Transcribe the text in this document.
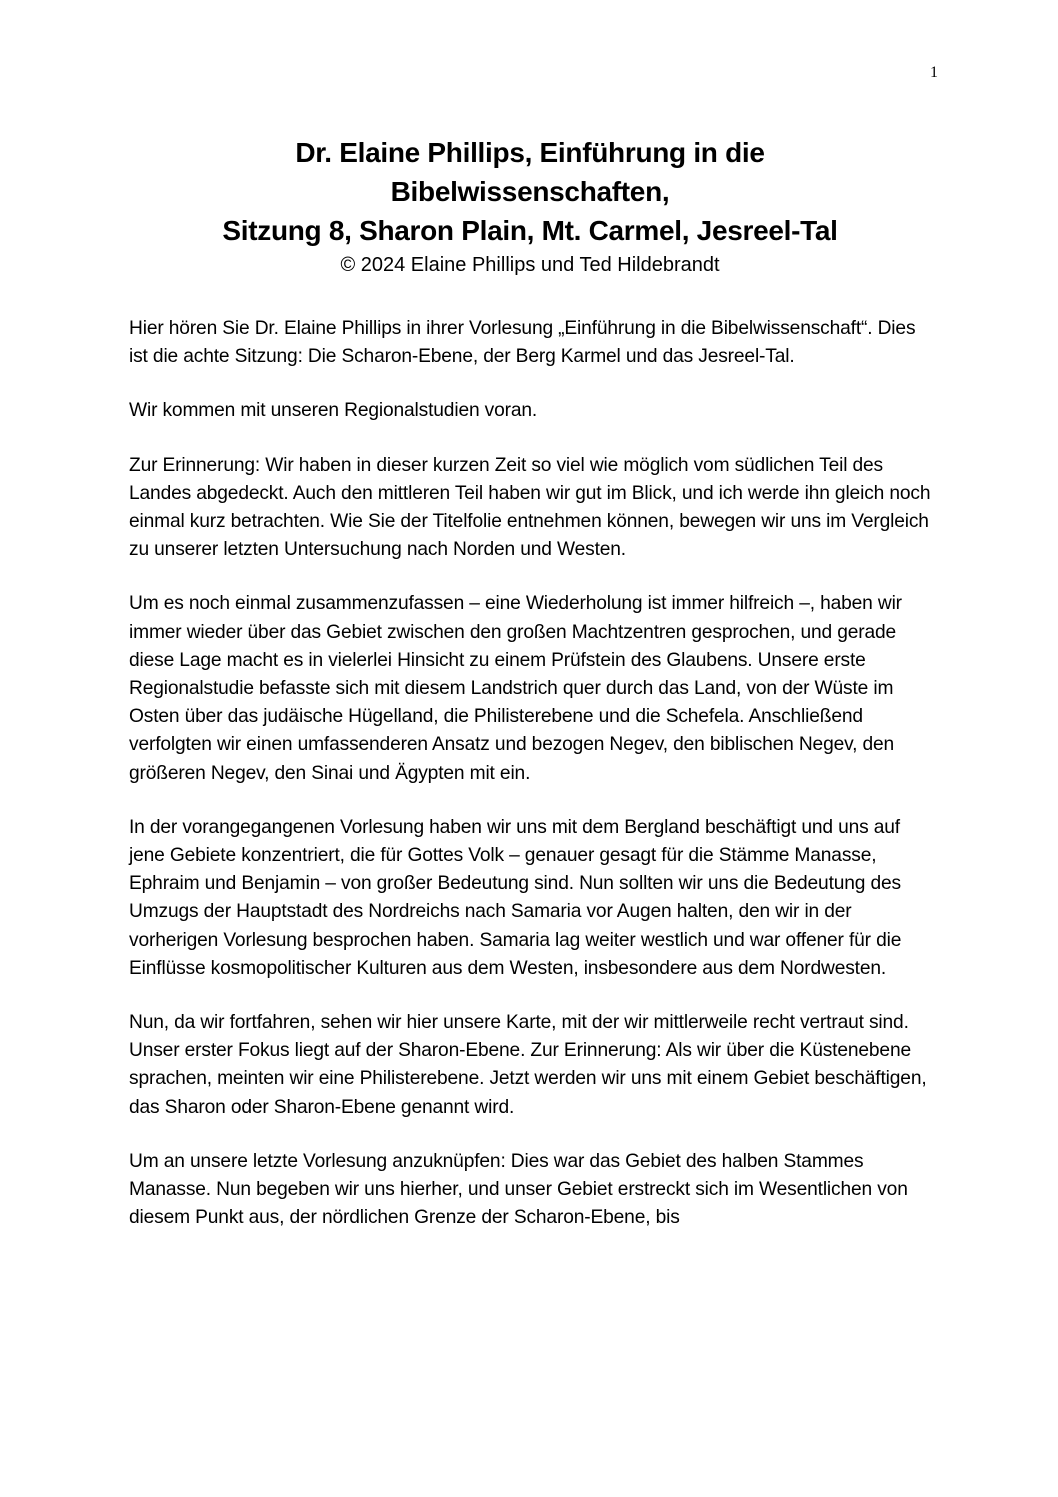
1
Dr. Elaine Phillips, Einführung in die
Bibelwissenschaften,
Sitzung 8, Sharon Plain, Mt. Carmel, Jesreel-Tal
© 2024 Elaine Phillips und Ted Hildebrandt

Hier hören Sie Dr. Elaine Phillips in ihrer Vorlesung „Einführung in die Bibelwissenschaft“. Dies ist die achte Sitzung: Die Scharon-Ebene, der Berg Karmel und das Jesreel-Tal.

Wir kommen mit unseren Regionalstudien voran.

Zur Erinnerung: Wir haben in dieser kurzen Zeit so viel wie möglich vom südlichen Teil des Landes abgedeckt. Auch den mittleren Teil haben wir gut im Blick, und ich werde ihn gleich noch einmal kurz betrachten. Wie Sie der Titelfolie entnehmen können, bewegen wir uns im Vergleich zu unserer letzten Untersuchung nach Norden und Westen.

Um es noch einmal zusammenzufassen – eine Wiederholung ist immer hilfreich –, haben wir immer wieder über das Gebiet zwischen den großen Machtzentren gesprochen, und gerade diese Lage macht es in vielerlei Hinsicht zu einem Prüfstein des Glaubens. Unsere erste Regionalstudie befasste sich mit diesem Landstrich quer durch das Land, von der Wüste im Osten über das judäische Hügelland, die Philisterebene und die Schefela. Anschließend verfolgten wir einen umfassenderen Ansatz und bezogen Negev, den biblischen Negev, den größeren Negev, den Sinai und Ägypten mit ein.

In der vorangegangenen Vorlesung haben wir uns mit dem Bergland beschäftigt und uns auf jene Gebiete konzentriert, die für Gottes Volk – genauer gesagt für die Stämme Manasse, Ephraim und Benjamin – von großer Bedeutung sind. Nun sollten wir uns die Bedeutung des Umzugs der Hauptstadt des Nordreichs nach Samaria vor Augen halten, den wir in der vorherigen Vorlesung besprochen haben. Samaria lag weiter westlich und war offener für die Einflüsse kosmopolitischer Kulturen aus dem Westen, insbesondere aus dem Nordwesten.

Nun, da wir fortfahren, sehen wir hier unsere Karte, mit der wir mittlerweile recht vertraut sind. Unser erster Fokus liegt auf der Sharon-Ebene. Zur Erinnerung: Als wir über die Küstenebene sprachen, meinten wir eine Philisterebene. Jetzt werden wir uns mit einem Gebiet beschäftigen, das Sharon oder Sharon-Ebene genannt wird.

Um an unsere letzte Vorlesung anzuknüpfen: Dies war das Gebiet des halben Stammes Manasse. Nun begeben wir uns hierher, und unser Gebiet erstreckt sich im Wesentlichen von diesem Punkt aus, der nördlichen Grenze der Scharon-Ebene, bis
